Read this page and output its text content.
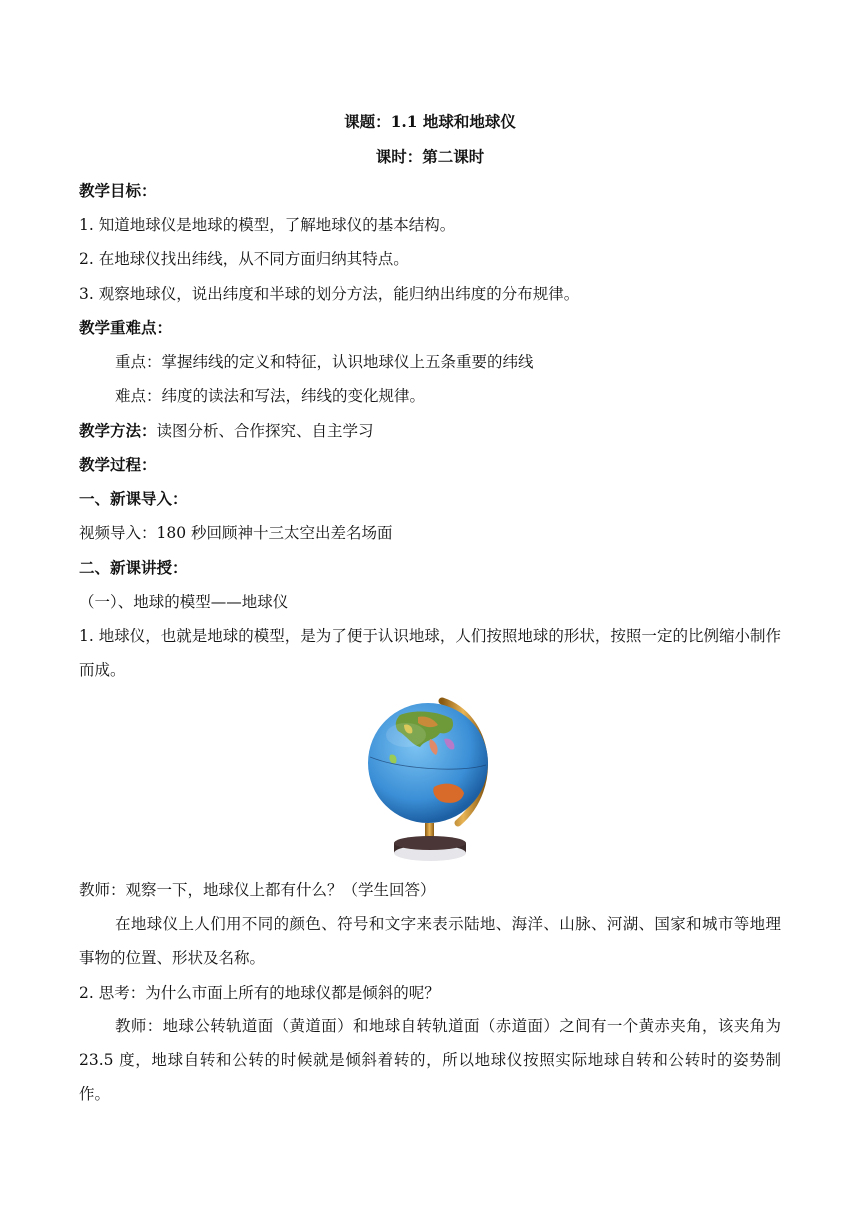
课题：1.1 地球和地球仪
课时：第二课时
教学目标：
1. 知道地球仪是地球的模型，了解地球仪的基本结构。
2. 在地球仪找出纬线，从不同方面归纳其特点。
3. 观察地球仪，说出纬度和半球的划分方法，能归纳出纬度的分布规律。
教学重难点：
重点：掌握纬线的定义和特征，认识地球仪上五条重要的纬线
难点：纬度的读法和写法，纬线的变化规律。
教学方法：读图分析、合作探究、自主学习
教学过程：
一、新课导入：
视频导入：180 秒回顾神十三太空出差名场面
二、新课讲授：
（一）、地球的模型——地球仪
1. 地球仪，也就是地球的模型，是为了便于认识地球，人们按照地球的形状，按照一定的比例缩小制作而成。
教师：观察一下，地球仪上都有什么？（学生回答）
在地球仪上人们用不同的颜色、符号和文字来表示陆地、海洋、山脉、河湖、国家和城市等地理事物的位置、形状及名称。
2. 思考：为什么市面上所有的地球仪都是倾斜的呢？
教师：地球公转轨道面（黄道面）和地球自转轨道面（赤道面）之间有一个黄赤夹角，该夹角为 23.5 度，地球自转和公转的时候就是倾斜着转的，所以地球仪按照实际地球自转和公转时的姿势制作。
